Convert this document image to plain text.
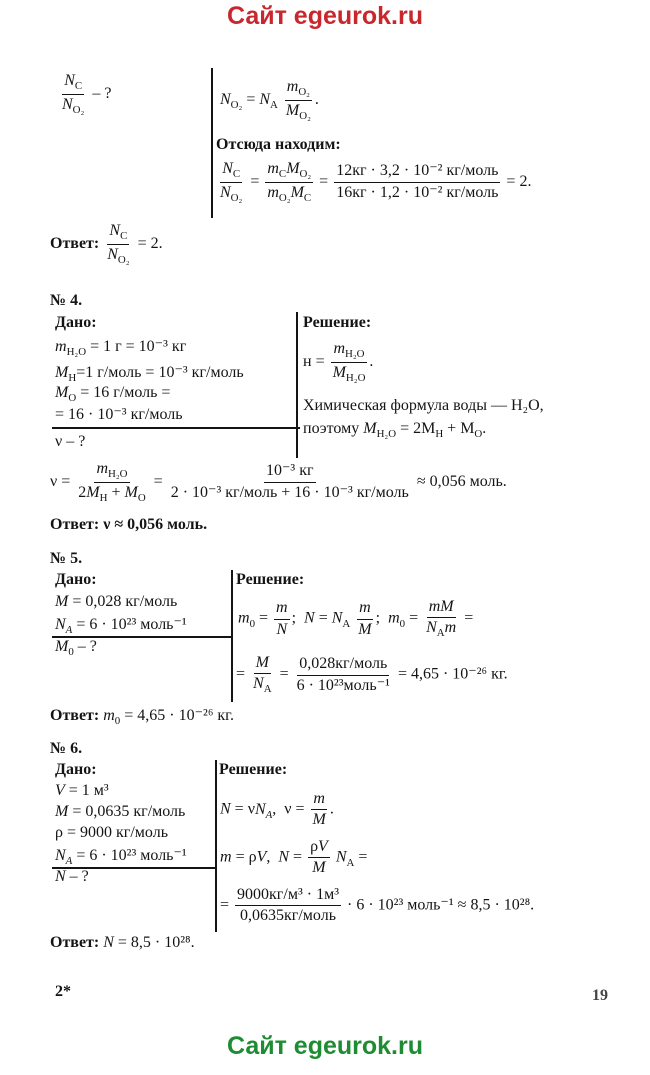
Сайт egeurok.ru
$\frac{N_C}{N_{O_2}}$ – ?	$N_{O_2} = N_A \frac{m_{O_2}}{M_{O_2}}$ .
Отсюда находим:
$\frac{N_C}{N_{O_2}} = \frac{m_CM_{O_2}}{m_{O_2}M_C} = \frac{\text{12кг · 3,2 · 10⁻² кг/моль}}{\text{16кг · 1,2 · 10⁻² кг/моль}} = 2$.
Ответ: $\frac{N_C}{N_{O_2}} = 2$.
№ 4.
Дано:
$m_{H_2O} = 1$ г = 10⁻³ кг
$M_H=1$ г/моль = 10⁻³ кг/моль
$M_O = 16$ г/моль =
= 16 · 10⁻³ кг/моль
ν – ?
Решение:
$н = \frac{m_{H_2O}}{M_{H_2O}}$ .
Химическая формула воды — H₂O,
поэтому $M_{H_2O} = 2M_H + M_O$.
$\nu = \frac{m_{H_2O}}{2M_H + M_O} = \frac{\text{10⁻³ кг}}{\text{2 · 10⁻³ кг/моль + 16 · 10⁻³ кг/моль}} \approx 0,056$ моль.
Ответ: ν ≈ 0,056 моль.
№ 5.
Дано:
M = 0,028 кг/моль
$N_A = 6 \cdot 10^{23}$ моль⁻¹
$M_0$ – ?
Решение:
$m_0 = \frac{m}{N}$ ;  $N = N_A \frac{m}{M}$ ;  $m_0 = \frac{mM}{N_Am}$ =
= $\frac{M}{N_A} = \frac{\text{0,028кг/моль}}{\text{6 · 10²³моль⁻¹}} = 4,65 \cdot 10^{-26}$ кг.
Ответ: $m_0 = 4,65 \cdot 10^{-26}$ кг.
№ 6.
Дано:
V = 1 м³
M = 0,0635 кг/моль
ρ = 9000 кг/моль
$N_A = 6 \cdot 10^{23}$ моль⁻¹
N – ?
Решение:
$N = \nu N_A$,  $\nu = \frac{m}{M}$ .
m = ρV,  $N = \frac{\rho V}{M} N_A$ =
= $\frac{\text{9000кг/м³ · 1м³}}{\text{0,0635кг/моль}} \cdot 6 \cdot 10^{23}$ моль⁻¹ ≈ 8,5 · 10²⁸.
Ответ: N = 8,5 · 10²⁸.
2*	19
Сайт egeurok.ru
